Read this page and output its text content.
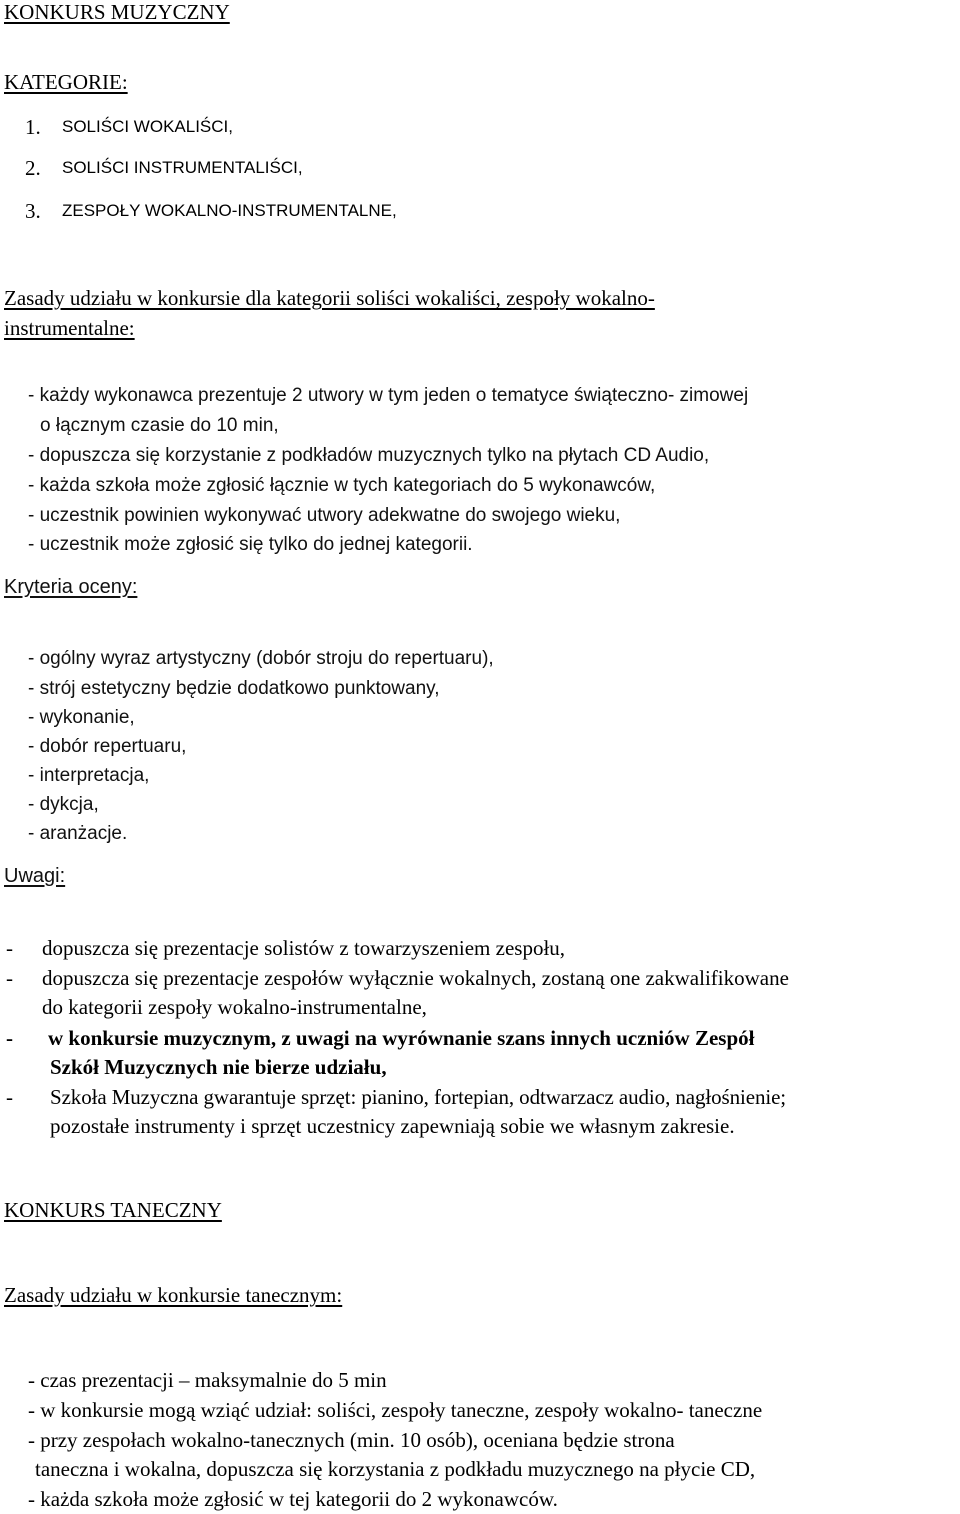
KONKURS MUZYCZNY
KATEGORIE:
1. SOLIŚCI WOKALIŚCI,
2. SOLIŚCI INSTRUMENTALIŚCI,
3. ZESPOŁY WOKALNO-INSTRUMENTALNE,
Zasady udziału w konkursie dla kategorii soliści wokaliści, zespoły wokalno-
instrumentalne:
- każdy wykonawca prezentuje 2 utwory w tym jeden o tematyce świąteczno- zimowej
o łącznym czasie do 10 min,
- dopuszcza się korzystanie z podkładów muzycznych tylko na płytach CD Audio,
- każda szkoła może zgłosić łącznie w tych kategoriach do 5 wykonawców,
- uczestnik powinien wykonywać utwory adekwatne do swojego wieku,
- uczestnik może zgłosić się tylko do jednej kategorii.
Kryteria oceny:
- ogólny wyraz artystyczny (dobór stroju do repertuaru),
- strój estetyczny będzie dodatkowo punktowany,
- wykonanie,
- dobór repertuaru,
- interpretacja,
- dykcja,
- aranżacje.
Uwagi:
- dopuszcza się prezentacje solistów z towarzyszeniem zespołu,
- dopuszcza się prezentacje zespołów wyłącznie wokalnych, zostaną one zakwalifikowane
do kategorii zespoły wokalno-instrumentalne,
- w konkursie muzycznym, z uwagi na wyrównanie szans innych uczniów Zespół
Szkół Muzycznych nie bierze udziału,
- Szkoła Muzyczna gwarantuje sprzęt: pianino, fortepian, odtwarzacz audio, nagłośnienie;
pozostałe instrumenty i sprzęt uczestnicy zapewniają sobie we własnym zakresie.
KONKURS TANECZNY
Zasady udziału w konkursie tanecznym:
- czas prezentacji – maksymalnie do 5 min
- w konkursie mogą wziąć udział: soliści, zespoły taneczne, zespoły wokalno- taneczne
- przy zespołach wokalno-tanecznych (min. 10 osób), oceniana będzie strona
taneczna i wokalna, dopuszcza się korzystania z podkładu muzycznego na płycie CD,
- każda szkoła może zgłosić w tej kategorii do 2 wykonawców.
